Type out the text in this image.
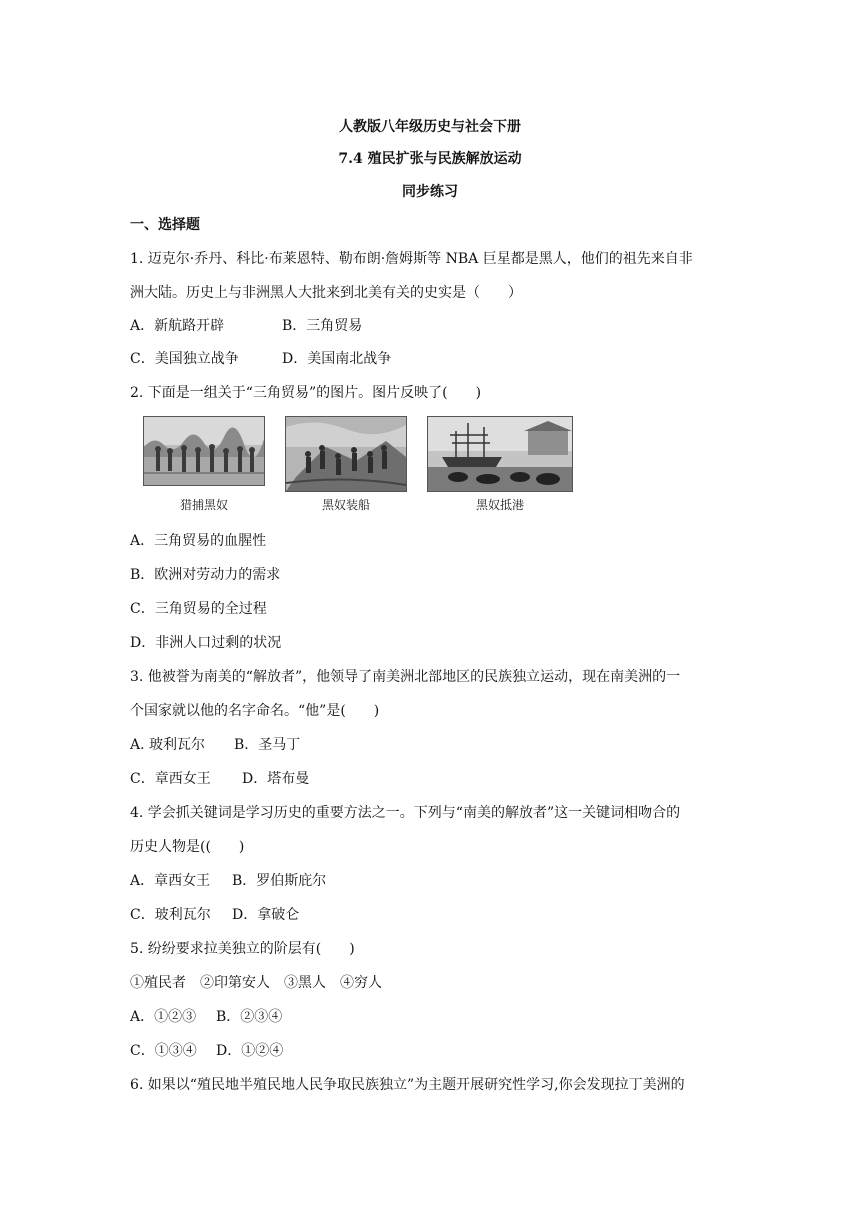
人教版八年级历史与社会下册
7.4 殖民扩张与民族解放运动
同步练习
一、选择题
1. 迈克尔·乔丹、科比·布莱恩特、勒布朗·詹姆斯等 NBA 巨星都是黑人，他们的祖先来自非
洲大陆。历史上与非洲黑人大批来到北美有关的史实是（　　）
A．新航路开辟	B．三角贸易
C．美国独立战争	D．美国南北战争
2. 下面是一组关于“三角贸易”的图片。图片反映了(　　)
猎捕黑奴	黑奴装船	黑奴抵港
A．三角贸易的血腥性
B．欧洲对劳动力的需求
C．三角贸易的全过程
D．非洲人口过剩的状况
3. 他被誉为南美的“解放者”，他领导了南美洲北部地区的民族独立运动，现在南美洲的一
个国家就以他的名字命名。“他”是(　　)
A. 玻利瓦尔 B．圣马丁
C．章西女王 D．塔布曼
4. 学会抓关键词是学习历史的重要方法之一。下列与“南美的解放者”这一关键词相吻合的
历史人物是((　　)
A．章西女王 B．罗伯斯庇尔
C．玻利瓦尔 D．拿破仑
5. 纷纷要求拉美独立的阶层有(　　)
①殖民者　②印第安人　③黑人　④穷人
A．①②③ B．②③④
C．①③④ D．①②④
6. 如果以“殖民地半殖民地人民争取民族独立”为主题开展研究性学习,你会发现拉丁美洲的
